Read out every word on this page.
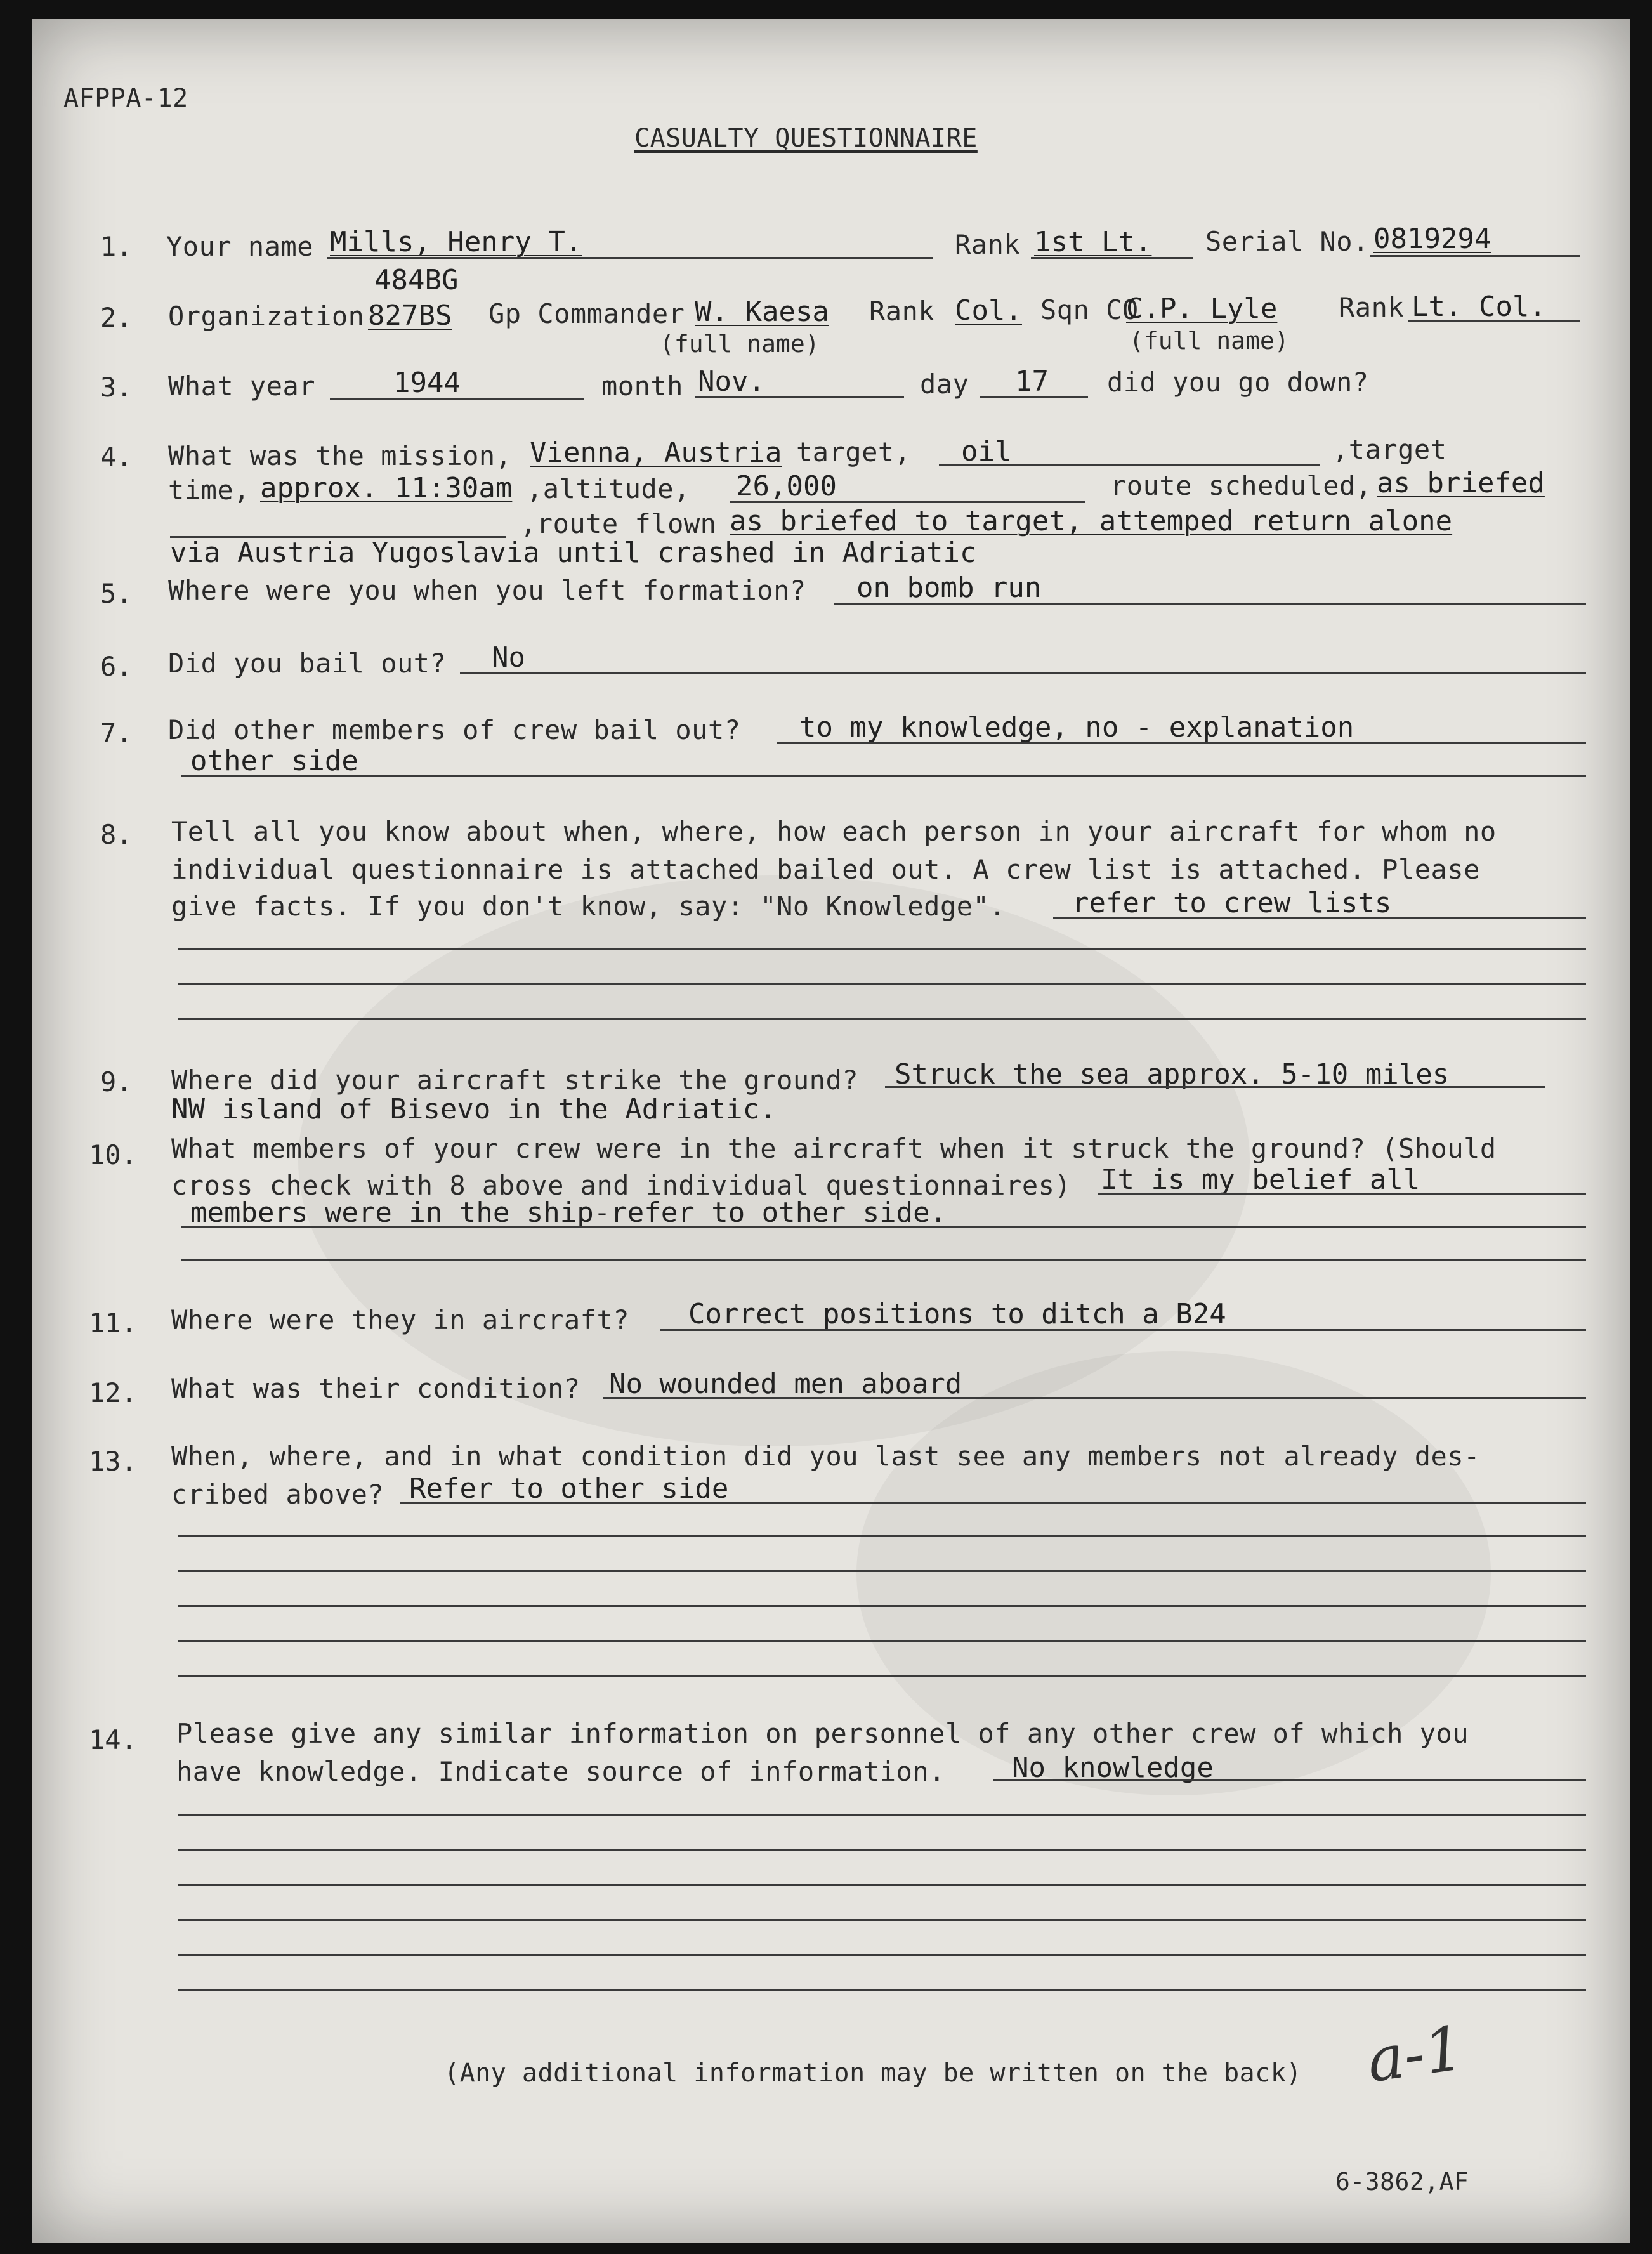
AFPPA-12
CASUALTY QUESTIONNAIRE
1. Your name Mills, Henry T.	Rank 1st Lt. Serial No. 0819294
484BG
2. Organization 827BS Gp Commander W. Kaesa Rank Col. Sqn CO
C.P. Lyle Rank Lt. Col.
(full name)	(full name)
3. What year	1944	month Nov.	day 17 did you go down?
4. What was the mission, Vienna, Austria target, oil	,target
time, approx. 11:30am ,altitude, 26,000	route scheduled, as briefed
,route flown as briefed to target, attemped return alone
via Austria Yugoslavia until crashed in Adriatic
5. Where were you when you left formation? on bomb run
6. Did you bail out? No
7. Did other members of crew bail out? to my knowledge, no - explanation
other side
8. Tell all you know about when, where, how each person in your aircraft for whom no
individual questionnaire is attached bailed out. A crew list is attached. Please
give facts. If you don't know, say: "No Knowledge". refer to crew lists
9. Where did your aircraft strike the ground? Struck the sea approx. 5-10 miles
NW island of Bisevo in the Adriatic.
10. What members of your crew were in the aircraft when it struck the ground? (Should
cross check with 8 above and individual questionnaires) It is my belief all
members were in the ship-refer to other side.
11. Where were they in aircraft? Correct positions to ditch a B24
12. What was their condition? No wounded men aboard
13. When, where, and in what condition did you last see any members not already des-
cribed above? Refer to other side
14. Please give any similar information on personnel of any other crew of which you
have knowledge. Indicate source of information. No knowledge
a-1
(Any additional information may be written on the back)
6-3862,AF
